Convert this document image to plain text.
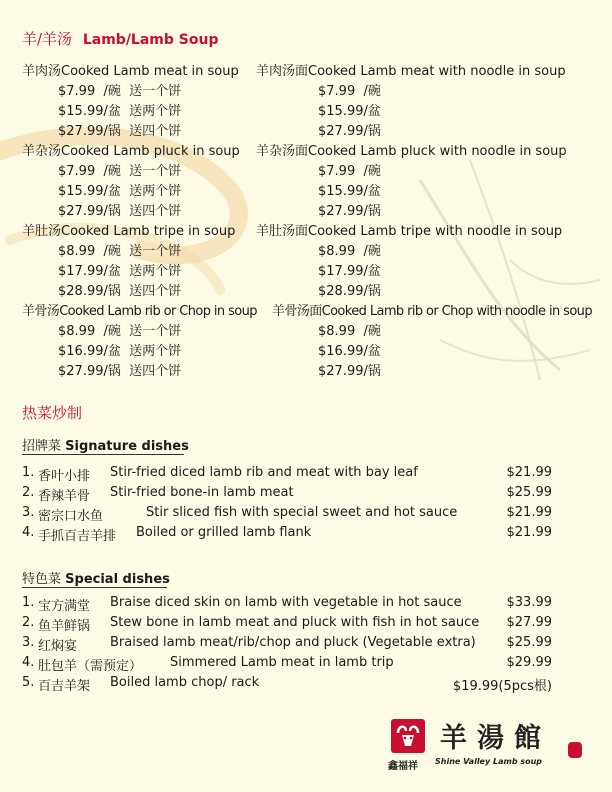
羊/羊汤 Lamb/Lamb Soup
羊肉汤Cooked Lamb meat in soup 羊肉汤面Cooked Lamb meat with noodle in soup
$7.99  /碗  送一个饼	$7.99  /碗
$15.99/盆  送两个饼	$15.99/盆
$27.99/锅  送四个饼	$27.99/锅
羊杂汤Cooked Lamb pluck in soup 羊杂汤面Cooked Lamb pluck with noodle in soup
$7.99  /碗  送一个饼	$7.99  /碗
$15.99/盆  送两个饼	$15.99/盆
$27.99/锅  送四个饼	$27.99/锅
羊肚汤Cooked Lamb tripe in soup 羊肚汤面Cooked Lamb tripe with noodle in soup
$8.99  /碗  送一个饼	$8.99  /碗
$17.99/盆  送两个饼	$17.99/盆
$28.99/锅  送四个饼	$28.99/锅
羊骨汤Cooked Lamb rib or Chop in soup 羊骨汤面Cooked Lamb rib or Chop with noodle in soup
$8.99  /碗  送一个饼	$8.99  /碗
$16.99/盆  送两个饼	$16.99/盆
$27.99/锅  送四个饼	$27.99/锅
热菜炒制
招牌菜 Signature dishes
1. 香叶小排 Stir-fried diced lamb rib and meat with bay leaf	$21.99
2. 香辣羊骨 Stir-fried bone-in lamb meat	$25.99
3. 密宗口水鱼	Stir sliced fish with special sweet and hot sauce	$21.99
4. 手抓百吉羊排 Boiled or grilled lamb flank	$21.99
特色菜 Special dishes
1. 宝方满堂 Braise diced skin on lamb with vegetable in hot sauce	$33.99
2. 鱼羊鲜锅 Stew bone in lamb meat and pluck with fish in hot sauce $27.99
3. 红焖宴	Braised lamb meat/rib/chop and pluck (Vegetable extra) $25.99
4. 肚包羊（需预定） Simmered Lamb meat in lamb trip	$29.99
5. 百吉羊架 Boiled lamb chop/ rack	$19.99(5pcs根)
羊湯館
鑫福祥 Shine Valley Lamb soup
